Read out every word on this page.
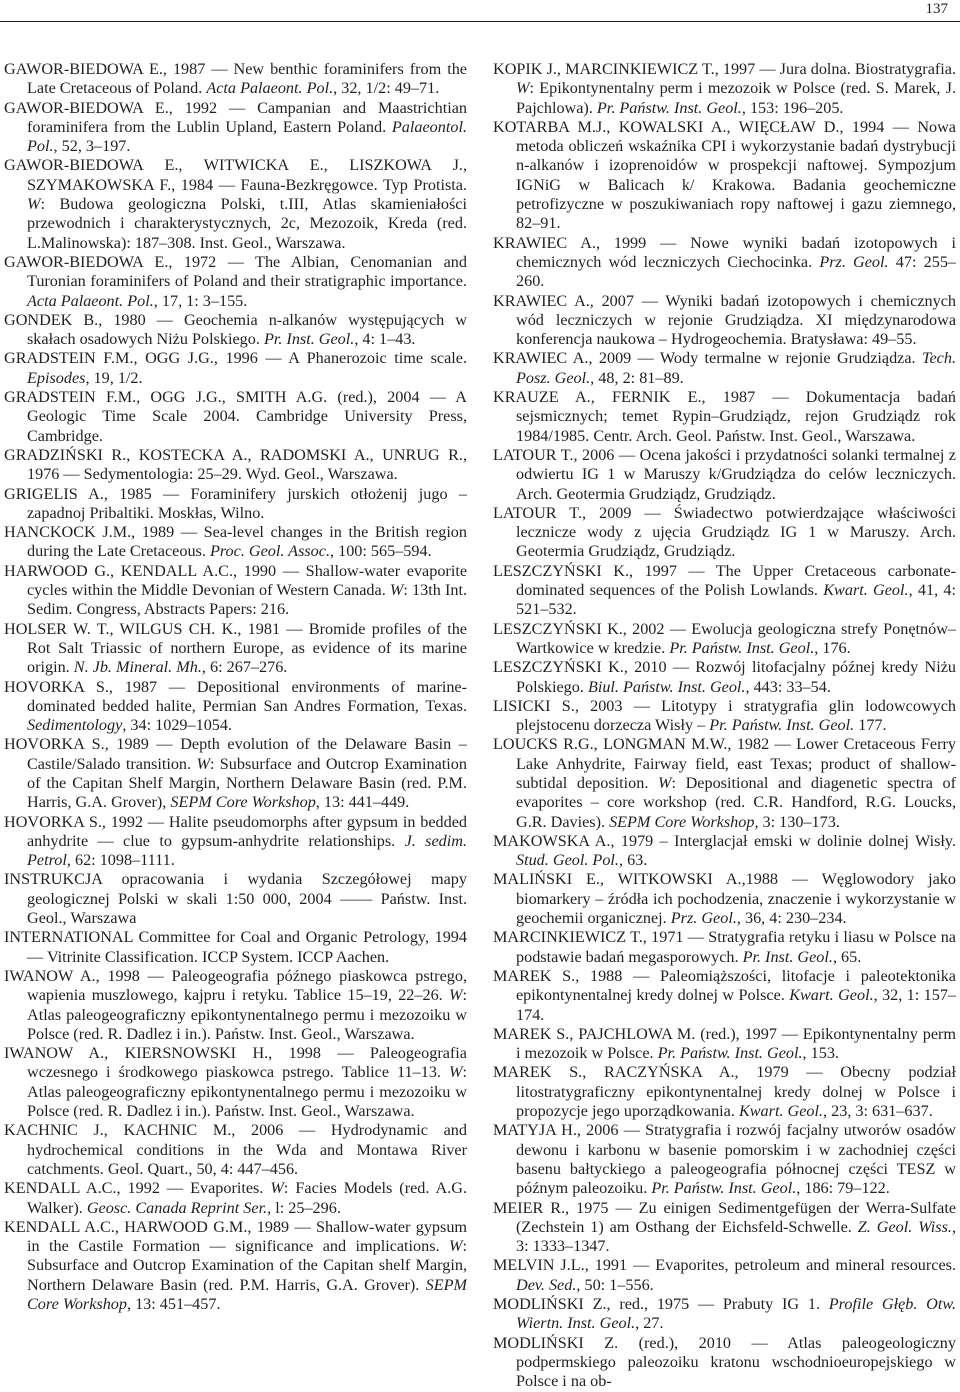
137

GAWOR-BIEDOWA E., 1987 — New benthic foraminifers from the Late Cretaceous of Poland. Acta Palaeont. Pol., 32, 1/2: 49–71.

GAWOR-BIEDOWA E., 1992 — Campanian and Maastrichtian foraminifera from the Lublin Upland, Eastern Poland. Palaeontol. Pol., 52, 3–197.

GAWOR-BIEDOWA E., WITWICKA E., LISZKOWA J., SZYMAKOWSKA F., 1984 — Fauna-Bezkręgowce. Typ Protista. W: Budowa geologiczna Polski, t.III, Atlas skamieniałości przewodnich i charakterystycznych, 2c, Mezozoik, Kreda (red. L.Malinowska): 187–308. Inst. Geol., Warszawa.

GAWOR-BIEDOWA E., 1972 — The Albian, Cenomanian and Turonian foraminifers of Poland and their stratigraphic importance. Acta Palaeont. Pol., 17, 1: 3–155.

GONDEK B., 1980 — Geochemia n-alkanów występujących w skałach osadowych Niżu Polskiego. Pr. Inst. Geol., 4: 1–43.

GRADSTEIN F.M., OGG J.G., 1996 — A Phanerozoic time scale. Episodes, 19, 1/2.

GRADSTEIN F.M., OGG J.G., SMITH A.G. (red.), 2004 — A Geologic Time Scale 2004. Cambridge University Press, Cambridge.

GRADZIŃSKI R., KOSTECKA A., RADOMSKI A., UNRUG R., 1976 — Sedymentologia: 25–29. Wyd. Geol., Warszawa.

GRIGELIS A., 1985 — Foraminifery jurskich otłożenij jugo – zapadnoj Pribaltiki. Moskłas, Wilno.

HANCKOCK J.M., 1989 — Sea-level changes in the British region during the Late Cretaceous. Proc. Geol. Assoc., 100: 565–594.

HARWOOD G., KENDALL A.C., 1990 — Shallow-water evaporite cycles within the Middle Devonian of Western Canada. W: 13th Int. Sedim. Congress, Abstracts Papers: 216.

HOLSER W. T., WILGUS CH. K., 1981 — Bromide profiles of the Rot Salt Triassic of northern Europe, as evidence of its marine origin. N. Jb. Mineral. Mh., 6: 267–276.

HOVORKA S., 1987 — Depositional environments of marine-dominated bedded halite, Permian San Andres Formation, Texas. Sedimentology, 34: 1029–1054.

HOVORKA S., 1989 — Depth evolution of the Delaware Basin – Castile/Salado transition. W: Subsurface and Outcrop Examination of the Capitan Shelf Margin, Northern Delaware Basin (red. P.M. Harris, G.A. Grover), SEPM Core Workshop, 13: 441–449.

HOVORKA S., 1992 — Halite pseudomorphs after gypsum in bedded anhydrite — clue to gypsum-anhydrite relationships. J. sedim. Petrol, 62: 1098–1111.

INSTRUKCJA opracowania i wydania Szczegółowej mapy geologicznej Polski w skali 1:50 000, 2004 —— Państw. Inst. Geol., Warszawa

INTERNATIONAL Committee for Coal and Organic Petrology, 1994 — Vitrinite Classification. ICCP System. ICCP Aachen.

IWANOW A., 1998 — Paleogeografia późnego piaskowca pstrego, wapienia muszlowego, kajpru i retyku. Tablice 15–19, 22–26. W: Atlas paleogeograficzny epikontynentalnego permu i mezozoiku w Polsce (red. R. Dadlez i in.). Państw. Inst. Geol., Warszawa.

IWANOW A., KIERSNOWSKI H., 1998 — Paleogeografia wczesnego i środkowego piaskowca pstrego. Tablice 11–13. W: Atlas paleogeograficzny epikontynentalnego permu i mezozoiku w Polsce (red. R. Dadlez i in.). Państw. Inst. Geol., Warszawa.

KACHNIC J., KACHNIC M., 2006 — Hydrodynamic and hydrochemical conditions in the Wda and Montawa River catchments. Geol. Quart., 50, 4: 447–456.

KENDALL A.C., 1992 — Evaporites. W: Facies Models (red. A.G. Walker). Geosc. Canada Reprint Ser., l: 25–296.

KENDALL A.C., HARWOOD G.M., 1989 — Shallow-water gypsum in the Castile Formation — significance and implications. W: Subsurface and Outcrop Examination of the Capitan shelf Margin, Northern Delaware Basin (red. P.M. Harris, G.A. Grover). SEPM Core Workshop, 13: 451–457.

KOPIK J., MARCINKIEWICZ T., 1997 — Jura dolna. Biostratygrafia. W: Epikontynentalny perm i mezozoik w Polsce (red. S. Marek, J. Pajchlowa). Pr. Państw. Inst. Geol., 153: 196–205.

KOTARBA M.J., KOWALSKI A., WIĘCŁAW D., 1994 — Nowa metoda obliczeń wskaźnika CPI i wykorzystanie badań dystrybucji n-alkanów i izoprenoidów w prospekcji naftowej. Sympozjum IGNiG w Balicach k/ Krakowa. Badania geochemiczne petrofizyczne w poszukiwaniach ropy naftowej i gazu ziemnego, 82–91.

KRAWIEC A., 1999 — Nowe wyniki badań izotopowych i chemicznych wód leczniczych Ciechocinka. Prz. Geol. 47: 255–260.

KRAWIEC A., 2007 — Wyniki badań izotopowych i chemicznych wód leczniczych w rejonie Grudziądza. XI międzynarodowa konferencja naukowa – Hydrogeochemia. Bratysława: 49–55.

KRAWIEC A., 2009 — Wody termalne w rejonie Grudziądza. Tech. Posz. Geol., 48, 2: 81–89.

KRAUZE A., FERNIK E., 1987 — Dokumentacja badań sejsmicznych; temet Rypin–Grudziądz, rejon Grudziądz rok 1984/1985. Centr. Arch. Geol. Państw. Inst. Geol., Warszawa.

LATOUR T., 2006 — Ocena jakości i przydatności solanki termalnej z odwiertu IG 1 w Maruszy k/Grudziądza do celów leczniczych. Arch. Geotermia Grudziądz, Grudziądz.

LATOUR T., 2009 — Świadectwo potwierdzające właściwości lecznicze wody z ujęcia Grudziądz IG 1 w Maruszy. Arch. Geotermia Grudziądz, Grudziądz.

LESZCZYŃSKI K., 1997 — The Upper Cretaceous carbonate-dominated sequences of the Polish Lowlands. Kwart. Geol., 41, 4: 521–532.

LESZCZYŃSKI K., 2002 — Ewolucja geologiczna strefy Ponętnów–Wartkowice w kredzie. Pr. Państw. Inst. Geol., 176.

LESZCZYŃSKI K., 2010 — Rozwój litofacjalny późnej kredy Niżu Polskiego. Biul. Państw. Inst. Geol., 443: 33–54.

LISICKI S., 2003 — Litotypy i stratygrafia glin lodowcowych plejstocenu dorzecza Wisły – Pr. Państw. Inst. Geol. 177.

LOUCKS R.G., LONGMAN M.W., 1982 — Lower Cretaceous Ferry Lake Anhydrite, Fairway field, east Texas; product of shallow-subtidal deposition. W: Depositional and diagenetic spectra of evaporites – core workshop (red. C.R. Handford, R.G. Loucks, G.R. Davies). SEPM Core Workshop, 3: 130–173.

MAKOWSKA A., 1979 – Interglacjał emski w dolinie dolnej Wisły. Stud. Geol. Pol., 63.

MALIŃSKI E., WITKOWSKI A.,1988 — Węglowodory jako biomarkery – źródła ich pochodzenia, znaczenie i wykorzystanie w geochemii organicznej. Prz. Geol., 36, 4: 230–234.

MARCINKIEWICZ T., 1971 — Stratygrafia retyku i liasu w Polsce na podstawie badań megasporowych. Pr. Inst. Geol., 65.

MAREK S., 1988 — Paleomiąższości, litofacje i paleotektonika epikontynentalnej kredy dolnej w Polsce. Kwart. Geol., 32, 1: 157–174.

MAREK S., PAJCHLOWA M. (red.), 1997 — Epikontynentalny perm i mezozoik w Polsce. Pr. Państw. Inst. Geol., 153.

MAREK S., RACZYŃSKA A., 1979 — Obecny podział litostratygraficzny epikontynentalnej kredy dolnej w Polsce i propozycje jego uporządkowania. Kwart. Geol., 23, 3: 631–637.

MATYJA H., 2006 — Stratygrafia i rozwój facjalny utworów osadów dewonu i karbonu w basenie pomorskim i w zachodniej części basenu bałtyckiego a paleogeografia północnej części TESZ w późnym paleozoiku. Pr. Państw. Inst. Geol., 186: 79–122.

MEIER R., 1975 — Zu einigen Sedimentgefügen der Werra-Sulfate (Zechstein 1) am Osthang der Eichsfeld-Schwelle. Z. Geol. Wiss., 3: 1333–1347.

MELVIN J.L., 1991 — Evaporites, petroleum and mineral resources. Dev. Sed., 50: 1–556.

MODLIŃSKI Z., red., 1975 — Prabuty IG 1. Profile Głęb. Otw. Wiertn. Inst. Geol., 27.

MODLIŃSKI Z. (red.), 2010 — Atlas paleogeologiczny podpermskiego paleozoiku kratonu wschodnioeuropejskiego w Polsce i na ob-
